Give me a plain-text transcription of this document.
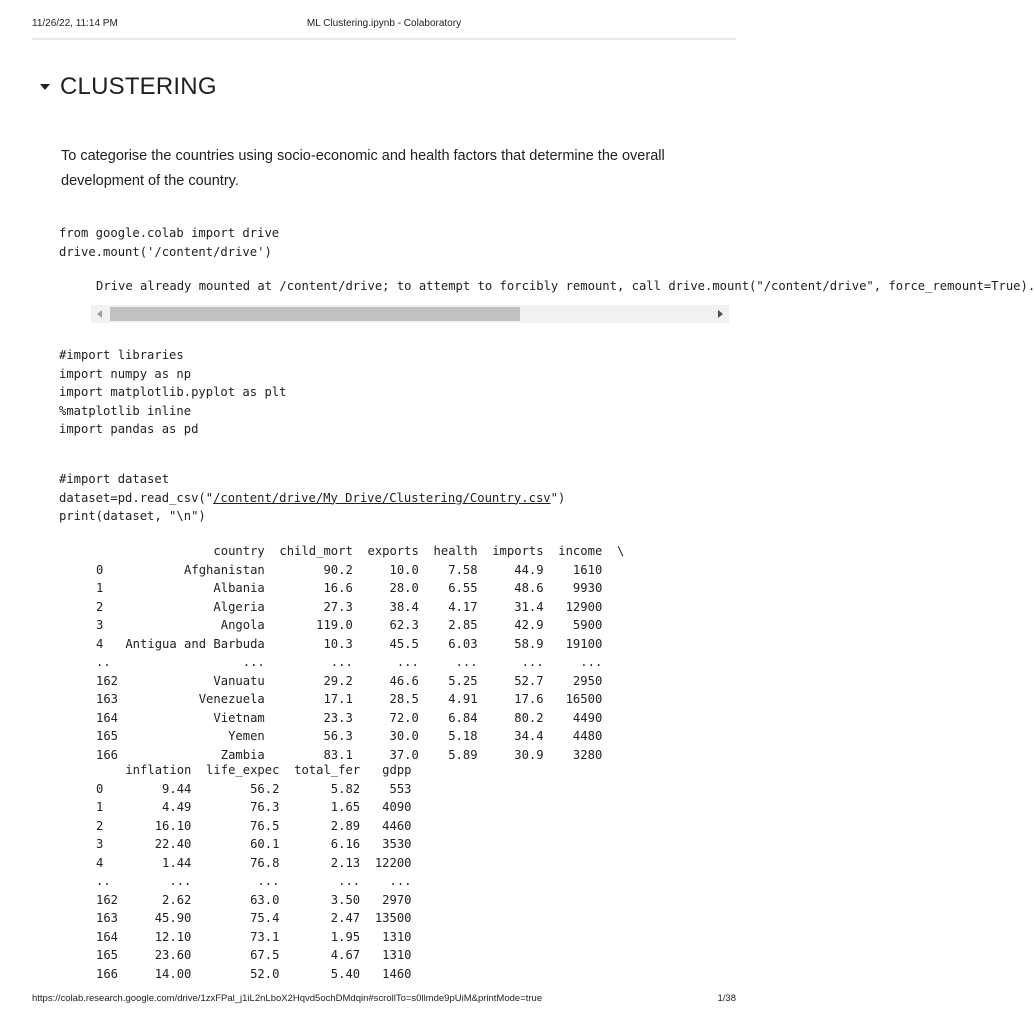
11/26/22, 11:14 PM	ML Clustering.ipynb - Colaboratory
CLUSTERING
To categorise the countries using socio-economic and health factors that determine the overall development of the country.
from google.colab import drive
drive.mount('/content/drive')
Drive already mounted at /content/drive; to attempt to forcibly remount, call drive.mount("/content/drive", force_remount=True).
#import libraries
import numpy as np
import matplotlib.pyplot as plt
%matplotlib inline
import pandas as pd
#import dataset
dataset=pd.read_csv("/content/drive/My Drive/Clustering/Country.csv")
print(dataset, "\n")
country  child_mort  exports  health  imports  income  \
0           Afghanistan        90.2     10.0    7.58     44.9    1610
1               Albania        16.6     28.0    6.55     48.6    9930
2               Algeria        27.3     38.4    4.17     31.4   12900
3                Angola       119.0     62.3    2.85     42.9    5900
4   Antigua and Barbuda        10.3     45.5    6.03     58.9   19100
..                  ...         ...      ...     ...      ...     ...
162             Vanuatu        29.2     46.6    5.25     52.7    2950
163           Venezuela        17.1     28.5    4.91     17.6   16500
164             Vietnam        23.3     72.0    6.84     80.2    4490
165               Yemen        56.3     30.0    5.18     34.4    4480
166              Zambia        83.1     37.0    5.89     30.9    3280
inflation  life_expec  total_fer   gdpp
0        9.44        56.2       5.82    553
1        4.49        76.3       1.65   4090
2       16.10        76.5       2.89   4460
3       22.40        60.1       6.16   3530
4        1.44        76.8       2.13  12200
..        ...         ...        ...    ...
162      2.62        63.0       3.50   2970
163     45.90        75.4       2.47  13500
164     12.10        73.1       1.95   1310
165     23.60        67.5       4.67   1310
166     14.00        52.0       5.40   1460
https://colab.research.google.com/drive/1zxFPal_j1iL2nLboX2Hqvd5ochDMdqin#scrollTo=s0llmde9pUiM&printMode=true	1/38
